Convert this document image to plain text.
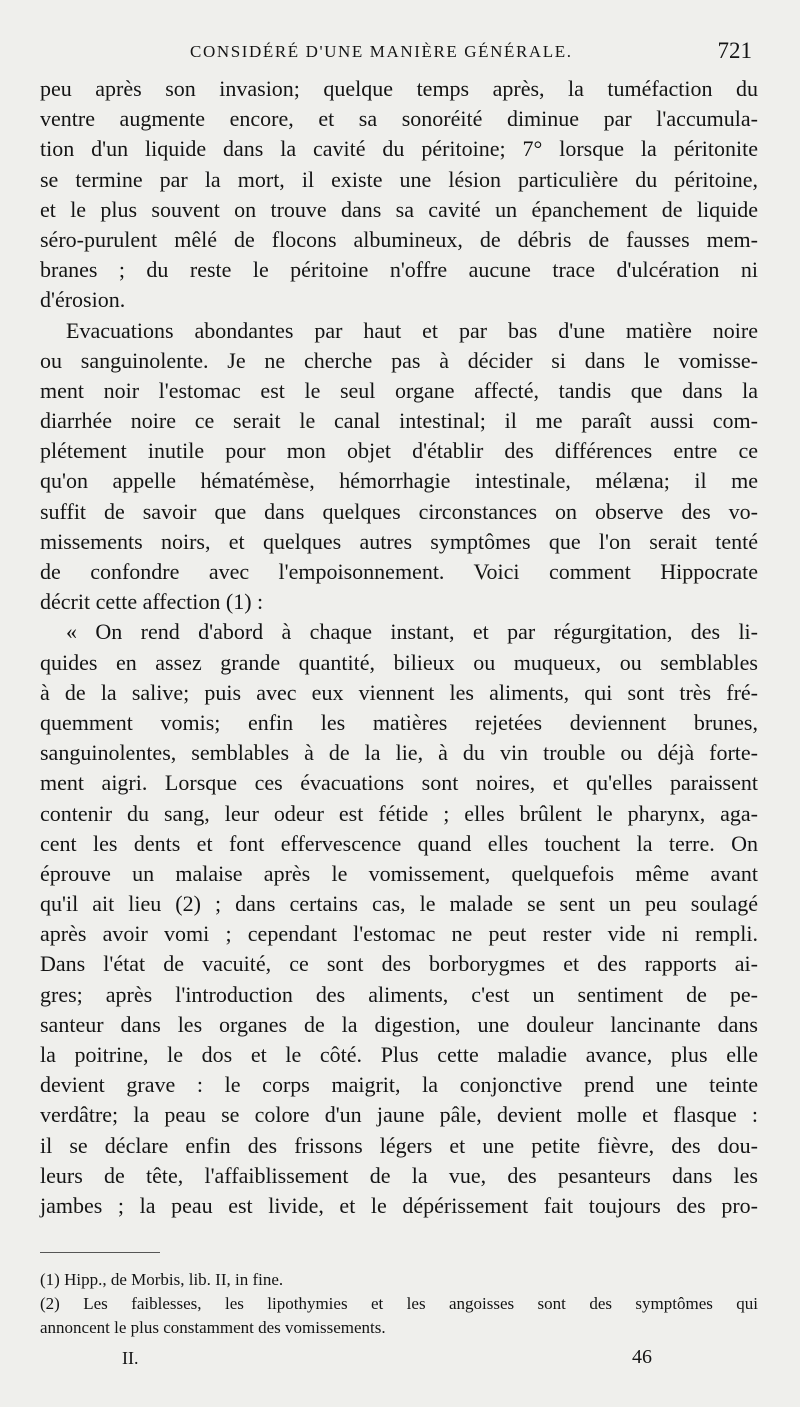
CONSIDÉRÉ D'UNE MANIÈRE GÉNÉRALE.	721
peu après son invasion; quelque temps après, la tuméfaction du
ventre augmente encore, et sa sonoréité diminue par l'accumula-
tion d'un liquide dans la cavité du péritoine; 7° lorsque la péritonite
se termine par la mort, il existe une lésion particulière du péritoine,
et le plus souvent on trouve dans sa cavité un épanchement de liquide
séro-purulent mêlé de flocons albumineux, de débris de fausses mem-
branes ; du reste le péritoine n'offre aucune trace d'ulcération ni
d'érosion.
Evacuations abondantes par haut et par bas d'une matière noire
ou sanguinolente. Je ne cherche pas à décider si dans le vomisse-
ment noir l'estomac est le seul organe affecté, tandis que dans la
diarrhée noire ce serait le canal intestinal; il me paraît aussi com-
plétement inutile pour mon objet d'établir des différences entre ce
qu'on appelle hématémèse, hémorrhagie intestinale, mélæna; il me
suffit de savoir que dans quelques circonstances on observe des vo-
missements noirs, et quelques autres symptômes que l'on serait tenté
de confondre avec l'empoisonnement. Voici comment Hippocrate
décrit cette affection (1) :
« On rend d'abord à chaque instant, et par régurgitation, des li-
quides en assez grande quantité, bilieux ou muqueux, ou semblables
à de la salive; puis avec eux viennent les aliments, qui sont très fré-
quemment vomis; enfin les matières rejetées deviennent brunes,
sanguinolentes, semblables à de la lie, à du vin trouble ou déjà forte-
ment aigri. Lorsque ces évacuations sont noires, et qu'elles paraissent
contenir du sang, leur odeur est fétide ; elles brûlent le pharynx, aga-
cent les dents et font effervescence quand elles touchent la terre. On
éprouve un malaise après le vomissement, quelquefois même avant
qu'il ait lieu (2) ; dans certains cas, le malade se sent un peu soulagé
après avoir vomi ; cependant l'estomac ne peut rester vide ni rempli.
Dans l'état de vacuité, ce sont des borborygmes et des rapports ai-
gres; après l'introduction des aliments, c'est un sentiment de pe-
santeur dans les organes de la digestion, une douleur lancinante dans
la poitrine, le dos et le côté. Plus cette maladie avance, plus elle
devient grave : le corps maigrit, la conjonctive prend une teinte
verdâtre; la peau se colore d'un jaune pâle, devient molle et flasque :
il se déclare enfin des frissons légers et une petite fièvre, des dou-
leurs de tête, l'affaiblissement de la vue, des pesanteurs dans les
jambes ; la peau est livide, et le dépérissement fait toujours des pro-
(1) Hipp., de Morbis, lib. II, in fine.
(2) Les faiblesses, les lipothymies et les angoisses sont des symptômes qui
annoncent le plus constamment des vomissements.
II.	46
